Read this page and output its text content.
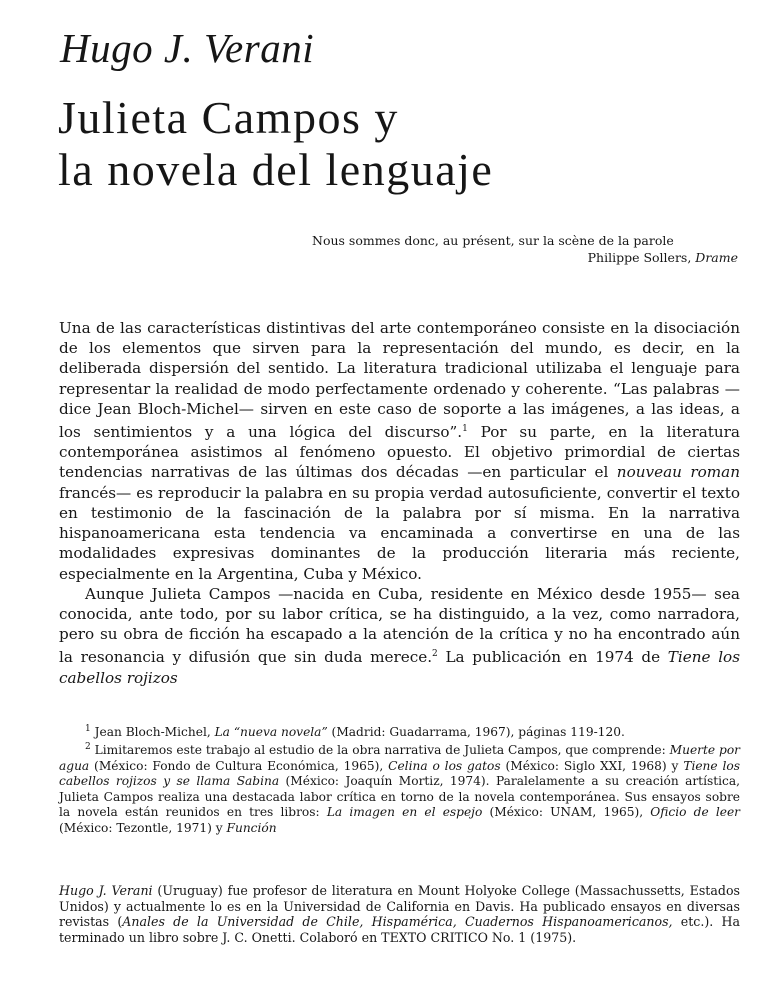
Hugo J. Verani
Julieta Campos y
la novela del lenguaje
Nous sommes donc, au présent, sur la scène de la parole
Philippe Sollers, Drame

Una de las características distintivas del arte contemporáneo consiste en la disociación de los elementos que sirven para la representación del mundo, es decir, en la deliberada dispersión del sentido. La literatura tradicional utilizaba el lenguaje para representar la realidad de modo perfectamente ordenado y coherente. “Las palabras —dice Jean Bloch-Michel— sirven en este caso de soporte a las imágenes, a las ideas, a los sentimientos y a una lógica del discurso”.$^1$ Por su parte, en la literatura contemporánea asistimos al fenómeno opuesto. El objetivo primordial de ciertas tendencias narrativas de las últimas dos décadas —en particular el nouveau roman francés— es reproducir la palabra en su propia verdad autosuficiente, convertir el texto en testimonio de la fascinación de la palabra por sí misma. En la narrativa hispanoamericana esta tendencia va encaminada a convertirse en una de las modalidades expresivas dominantes de la producción literaria más reciente, especialmente en la Argentina, Cuba y México.

Aunque Julieta Campos —nacida en Cuba, residente en México desde 1955— sea conocida, ante todo, por su labor crítica, se ha distinguido, a la vez, como narradora, pero su obra de ficción ha escapado a la atención de la crítica y no ha encontrado aún la resonancia y difusión que sin duda merece.$^2$ La publicación en 1974 de Tiene los cabellos rojizos

$^1$ Jean Bloch-Michel, La “nueva novela” (Madrid: Guadarrama, 1967), páginas 119-120.

$^2$ Limitaremos este trabajo al estudio de la obra narrativa de Julieta Campos, que comprende: Muerte por agua (México: Fondo de Cultura Económica, 1965), Celina o los gatos (México: Siglo XXI, 1968) y Tiene los cabellos rojizos y se llama Sabina (México: Joaquín Mortiz, 1974). Paralelamente a su creación artística, Julieta Campos realiza una destacada labor crítica en torno de la novela contemporánea. Sus ensayos sobre la novela están reunidos en tres libros: La imagen en el espejo (México: UNAM, 1965), Oficio de leer (México: Tezontle, 1971) y Función

Hugo J. Verani (Uruguay) fue profesor de literatura en Mount Holyoke College (Massachussetts, Estados Unidos) y actualmente lo es en la Universidad de California en Davis. Ha publicado ensayos en diversas revistas (Anales de la Universidad de Chile, Hispamérica, Cuadernos Hispanoamericanos, etc.). Ha terminado un libro sobre J. C. Onetti. Colaboró en TEXTO CRITICO No. 1 (1975).
